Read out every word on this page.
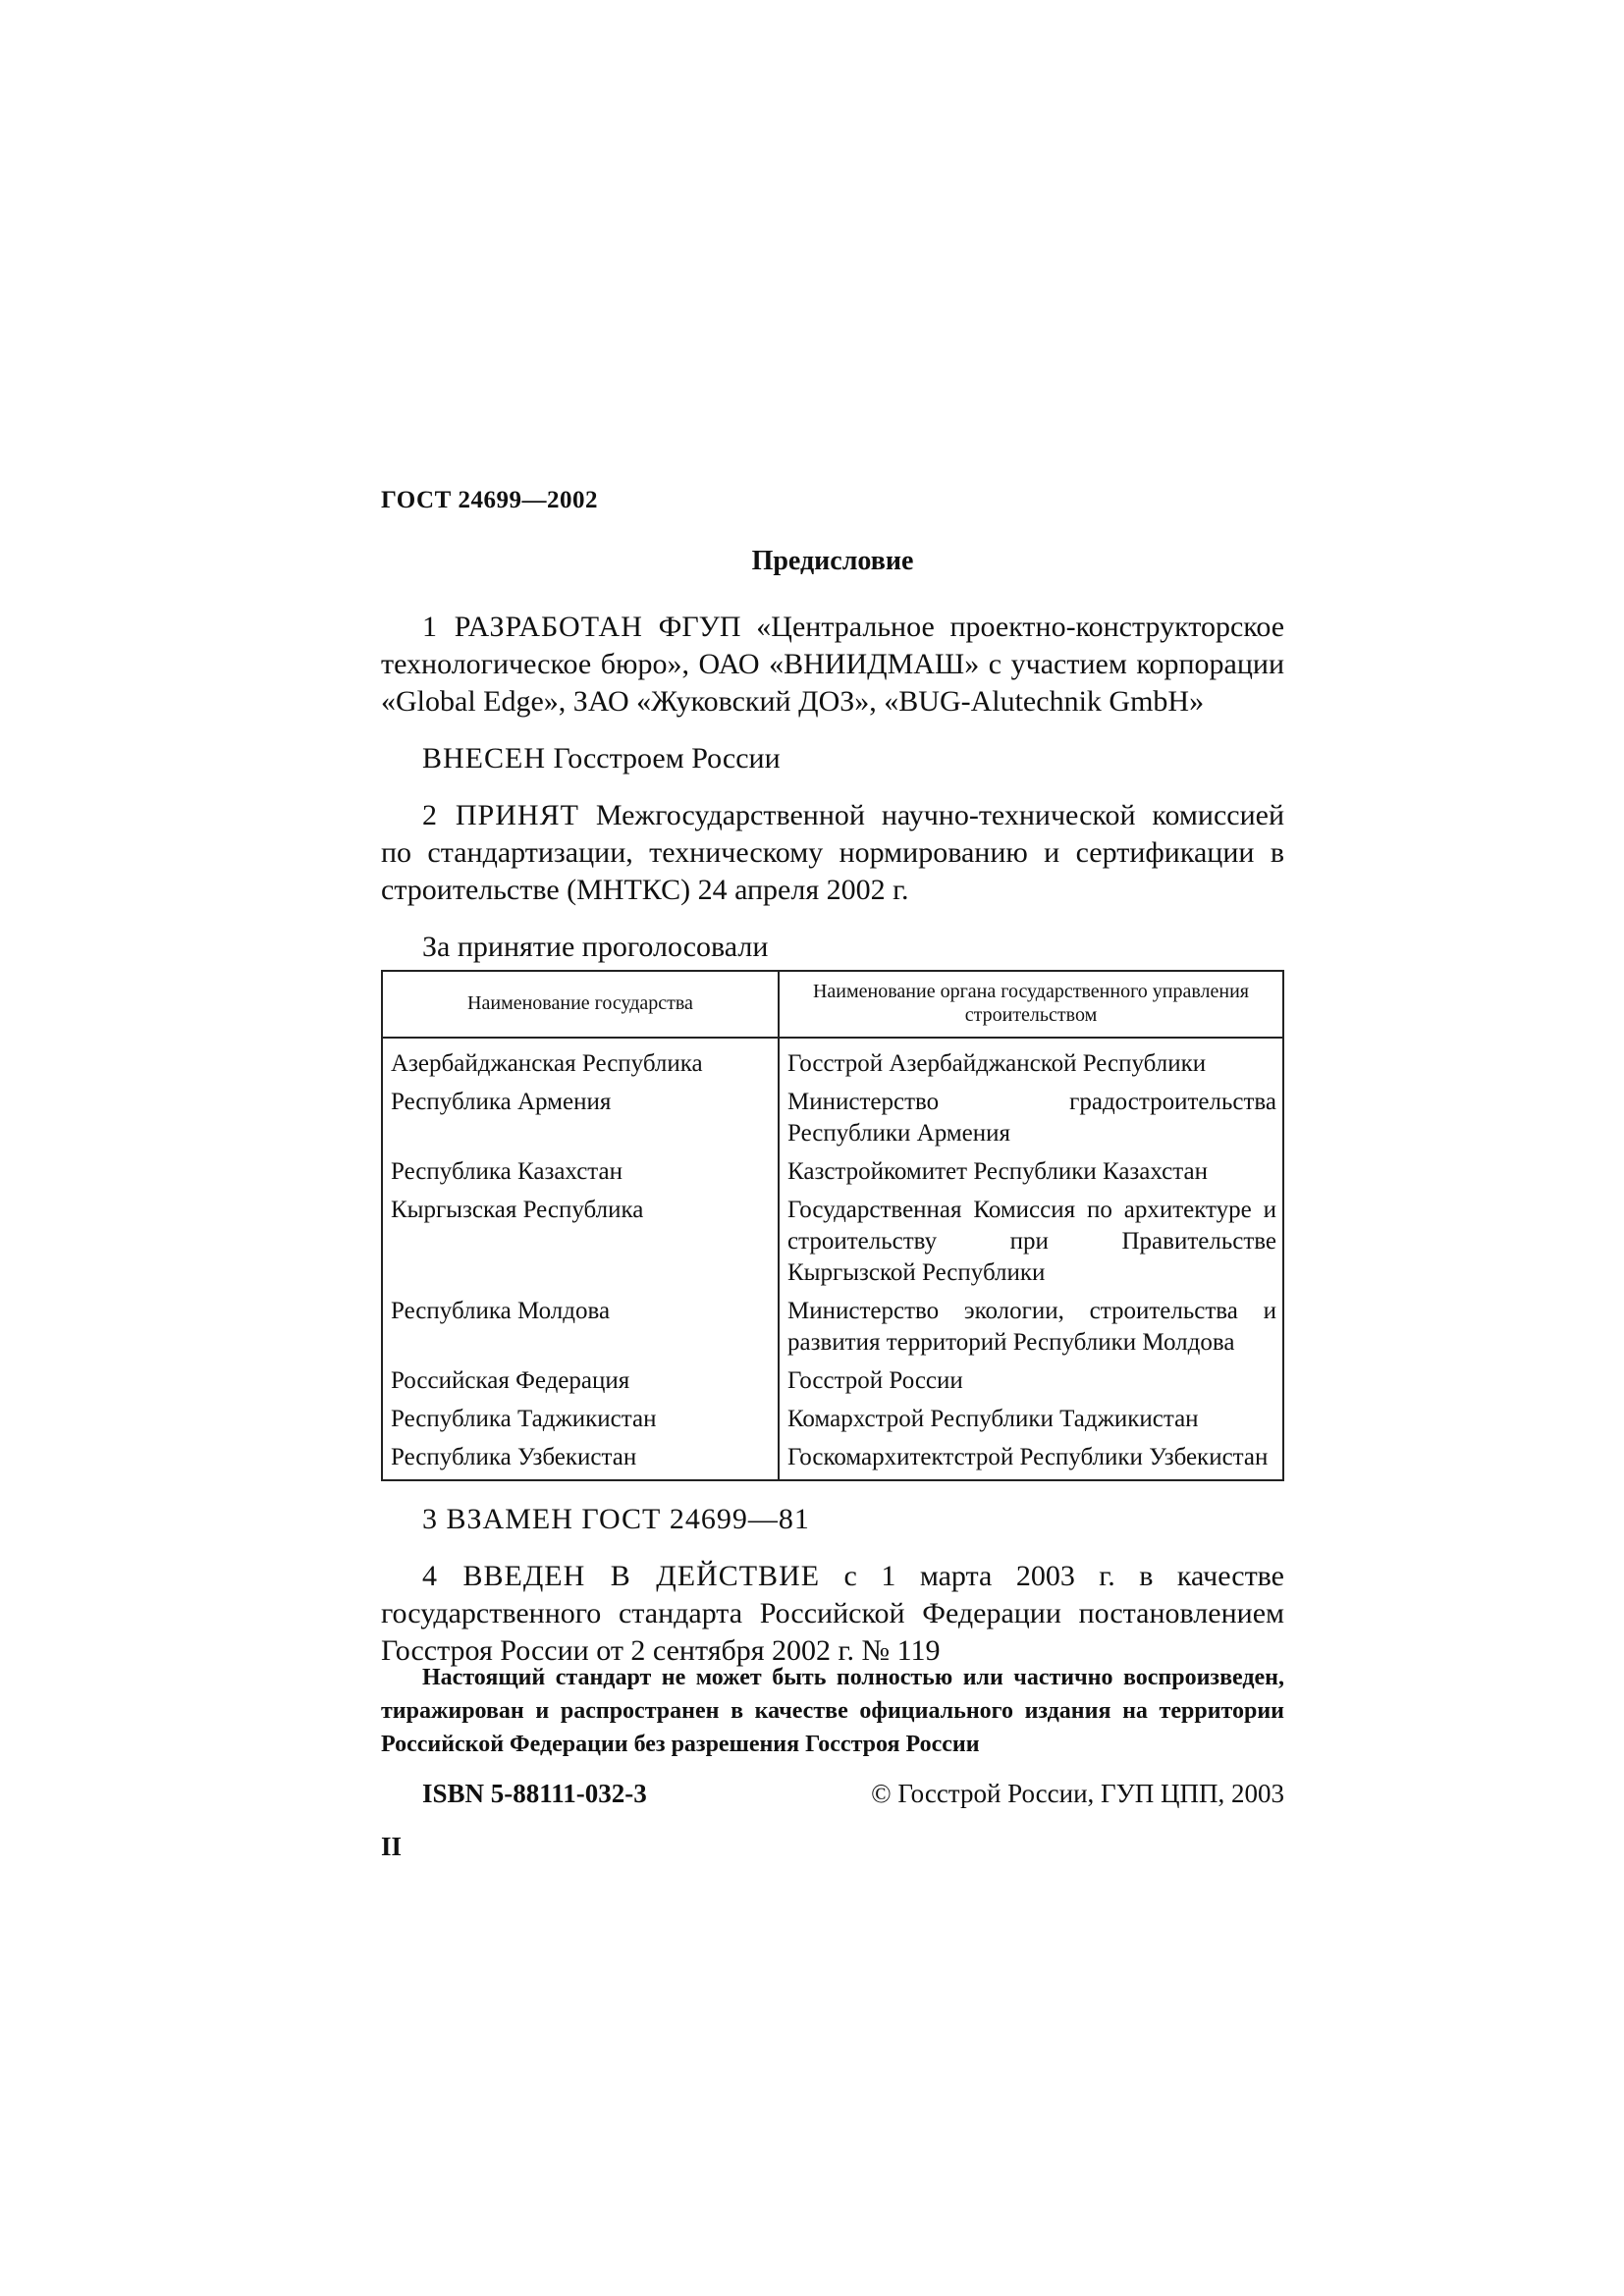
ГОСТ 24699—2002
Предисловие

1 РАЗРАБОТАН ФГУП «Центральное проектно-конструкторское технологическое бюро», ОАО «ВНИИДМАШ» с участием корпорации «Global Edge», ЗАО «Жуковский ДОЗ», «BUG-Alutechnik GmbH»

ВНЕСЕН Госстроем России

2 ПРИНЯТ Межгосударственной научно-технической комиссией по стандартизации, техническому нормированию и сертификации в строительстве (МНТКС) 24 апреля 2002 г.

За принятие проголосовали

Наименование государства	Наименование органа государственного управления строительством
Азербайджанская Республика	Госстрой Азербайджанской Республики
Республика Армения	Министерство градостроительства Республики Армения
Республика Казахстан	Казстройкомитет Республики Казахстан
Кыргызская Республика	Государственная Комиссия по архитектуре и строительству при Правительстве Кыргызской Республики
Республика Молдова	Министерство экологии, строительства и развития территорий Республики Молдова
Российская Федерация	Госстрой России
Республика Таджикистан	Комархстрой Республики Таджикистан
Республика Узбекистан	Госкомархитектстрой Республики Узбекистан

3 ВЗАМЕН ГОСТ 24699—81

4 ВВЕДЕН В ДЕЙСТВИЕ с 1 марта 2003 г. в качестве государственного стандарта Российской Федерации постановлением Госстроя России от 2 сентября 2002 г. № 119

Настоящий стандарт не может быть полностью или частично воспроизведен, тиражирован и распространен в качестве официального издания на территории Российской Федерации без разрешения Госстроя России
ISBN 5-88111-032-3	© Госстрой России, ГУП ЦПП, 2003
II
